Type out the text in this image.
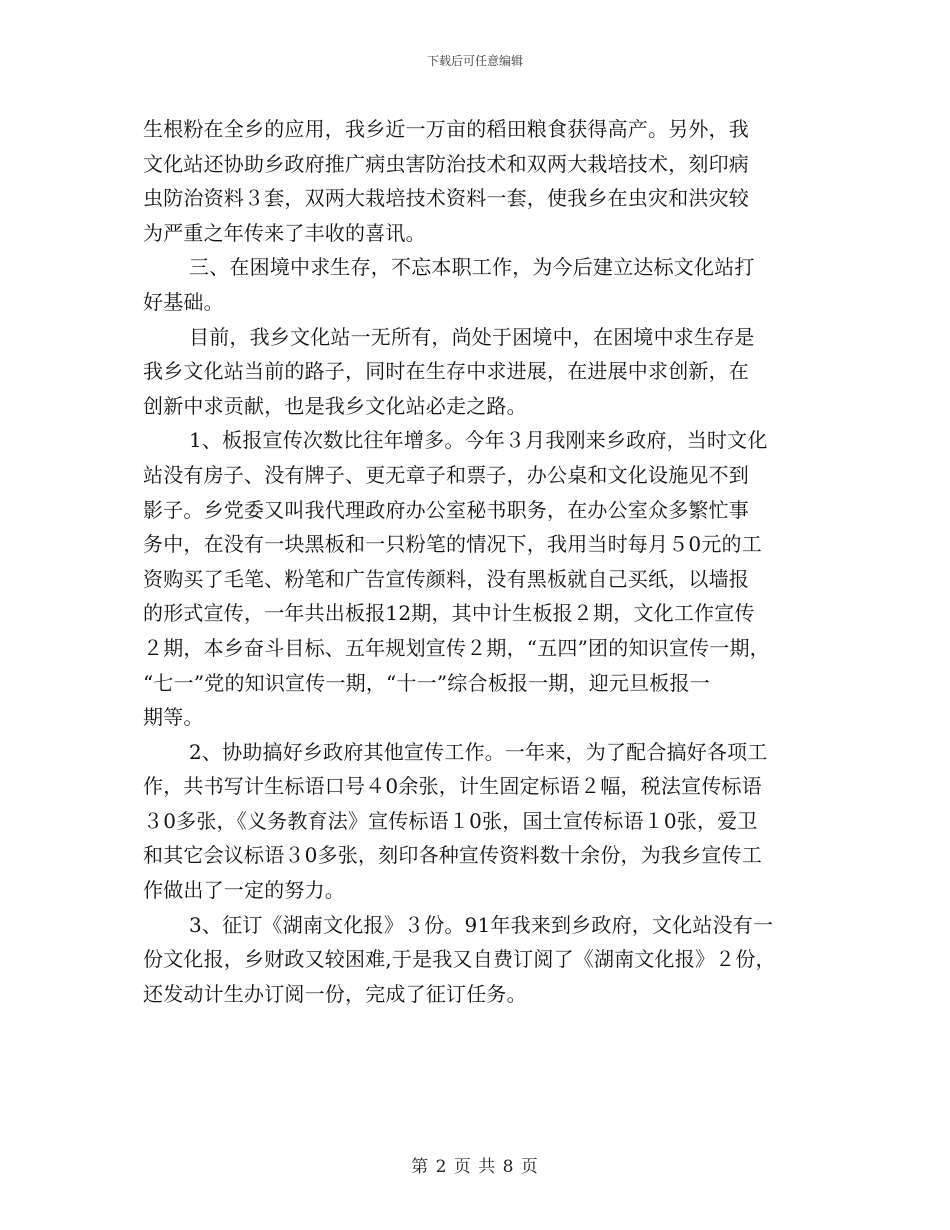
下载后可任意编辑
生根粉在全乡的应用，我乡近一万亩的稻田粮食获得高产。另外，我
文化站还协助乡政府推广病虫害防治技术和双两大栽培技术，刻印病
虫防治资料３套，双两大栽培技术资料一套，使我乡在虫灾和洪灾较
为严重之年传来了丰收的喜讯。
三、在困境中求生存，不忘本职工作，为今后建立达标文化站打
好基础。
目前，我乡文化站一无所有，尚处于困境中，在困境中求生存是
我乡文化站当前的路子，同时在生存中求进展，在进展中求创新，在
创新中求贡献，也是我乡文化站必走之路。
1、板报宣传次数比往年增多。今年３月我刚来乡政府，当时文化
站没有房子、没有牌子、更无章子和票子，办公桌和文化设施见不到
影子。乡党委又叫我代理政府办公室秘书职务，在办公室众多繁忙事
务中，在没有一块黑板和一只粉笔的情况下，我用当时每月５0元的工
资购买了毛笔、粉笔和广告宣传颜料，没有黑板就自己买纸，以墙报
的形式宣传，一年共出板报12期，其中计生板报２期，文化工作宣传
２期，本乡奋斗目标、五年规划宣传２期，“五四”团的知识宣传一期，
“七一”党的知识宣传一期，“十一”综合板报一期，迎元旦板报一
期等。
2、协助搞好乡政府其他宣传工作。一年来，为了配合搞好各项工
作，共书写计生标语口号４0余张，计生固定标语２幅，税法宣传标语
３0多张，《义务教育法》宣传标语１0张，国土宣传标语１0张，爱卫
和其它会议标语３0多张，刻印各种宣传资料数十余份，为我乡宣传工
作做出了一定的努力。
3、征订《湖南文化报》３份。91年我来到乡政府，文化站没有一
份文化报，乡财政又较困难,于是我又自费订阅了《湖南文化报》２份，
还发动计生办订阅一份，完成了征订任务。
第 2 页 共 8 页
